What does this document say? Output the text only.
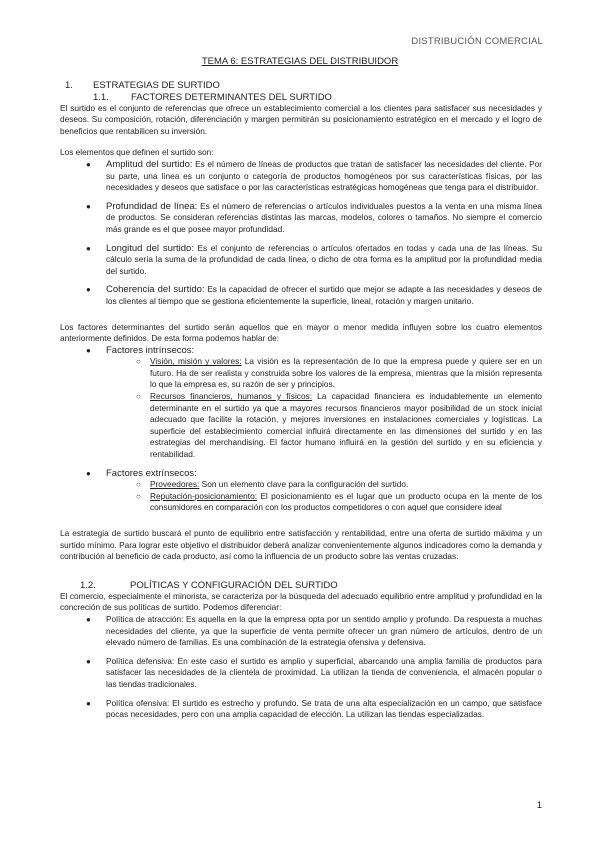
DISTRIBUCIÓN COMERCIAL
TEMA 6: ESTRATEGIAS DEL DISTRIBUIDOR
1.	ESTRATEGIAS DE SURTIDO
1.1.	FACTORES DETERMINANTES DEL SURTIDO

El surtido es el conjunto de referencias que ofrece un establecimiento comercial a los clientes para satisfacer sus necesidades y deseos. Su composición, rotación, diferenciación y margen permitirán su posicionamiento estratégico en el mercado y el logro de beneficios que rentabilicen su inversión.

Los elementos que definen el surtido son:

● Amplitud del surtido: Es el número de líneas de productos que tratan de satisfacer las necesidades del cliente. Por su parte, una línea es un conjunto o categoría de productos homogéneos por sus características físicas, por las necesidades y deseos que satisface o por las características estratégicas homogéneas que tenga para el distribuidor.
● Profundidad de línea: Es el número de referencias o artículos individuales puestos a la venta en una misma línea de productos. Se consideran referencias distintas las marcas, modelos, colores o tamaños. No siempre el comercio más grande es el que posee mayor profundidad.
● Longitud del surtido: Es el conjunto de referencias o artículos ofertados en todas y cada una de las líneas. Su cálculo sería la suma de la profundidad de cada línea, o dicho de otra forma es la amplitud por la profundidad media del surtido.
● Coherencia del surtido: Es la capacidad de ofrecer el surtido que mejor se adapte a las necesidades y deseos de los clientes al tiempo que se gestiona eficientemente la superficie, lineal, rotación y margen unitario.

Los factores determinantes del surtido serán aquellos que en mayor o menor medida influyen sobre los cuatro elementos anteriormente definidos. De esta forma podemos hablar de:

● Factores intrínsecos:
○ Visión, misión y valores: La visión es la representación de lo que la empresa puede y quiere ser en un futuro. Ha de ser realista y construida sobre los valores de la empresa, mientras que la misión representa lo que la empresa es, su razón de ser y principios.
○ Recursos financieros, humanos y físicos: La capacidad financiera es indudablemente un elemento determinante en el surtido ya que a mayores recursos financieros mayor posibilidad de un stock inicial adecuado que facilite la rotación, y mejores inversiones en instalaciones comerciales y logísticas. La superficie del establecimiento comercial influirá directamente en las dimensiones del surtido y en las estrategias del merchandising. El factor humano influirá en la gestión del surtido y en su eficiencia y rentabilidad.
● Factores extrínsecos:
○ Proveedores: Son un elemento clave para la configuración del surtido.
○ Reputación-posicionamiento: El posicionamiento es el lugar que un producto ocupa en la mente de los consumidores en comparación con los productos competidores o con aquel que considere ideal

La estrategia de surtido buscará el punto de equilibrio entre satisfacción y rentabilidad, entre una oferta de surtido máxima y un surtido mínimo. Para lograr este objetivo el distribuidor deberá analizar convenientemente algunos indicadores como la demanda y contribución al beneficio de cada producto, así como la influencia de un producto sobre las ventas cruzadas.

1.2.	POLÍTICAS Y CONFIGURACIÓN DEL SURTIDO

El comercio, especialmente el minorista, se caracteriza por la búsqueda del adecuado equilibrio entre amplitud y profundidad en la concreción de sus políticas de surtido. Podemos diferenciar:

● Política de atracción: Es aquella en la que la empresa opta por un sentido amplio y profundo. Da respuesta a muchas necesidades del cliente, ya que la superficie de venta permite ofrecer un gran número de artículos, dentro de un elevado número de familias. Es una combinación de la estrategia ofensiva y defensiva.
● Política defensiva: En este caso el surtido es amplio y superficial, abarcando una amplia familia de productos para satisfacer las necesidades de la clientela de proximidad. La utilizan la tienda de conveniencia, el almacén popular o las tiendas tradicionales.
● Política ofensiva: El surtido es estrecho y profundo. Se trata de una alta especialización en un campo, que satisface pocas necesidades, pero con una amplia capacidad de elección. La utilizan las tiendas especializadas.
1
